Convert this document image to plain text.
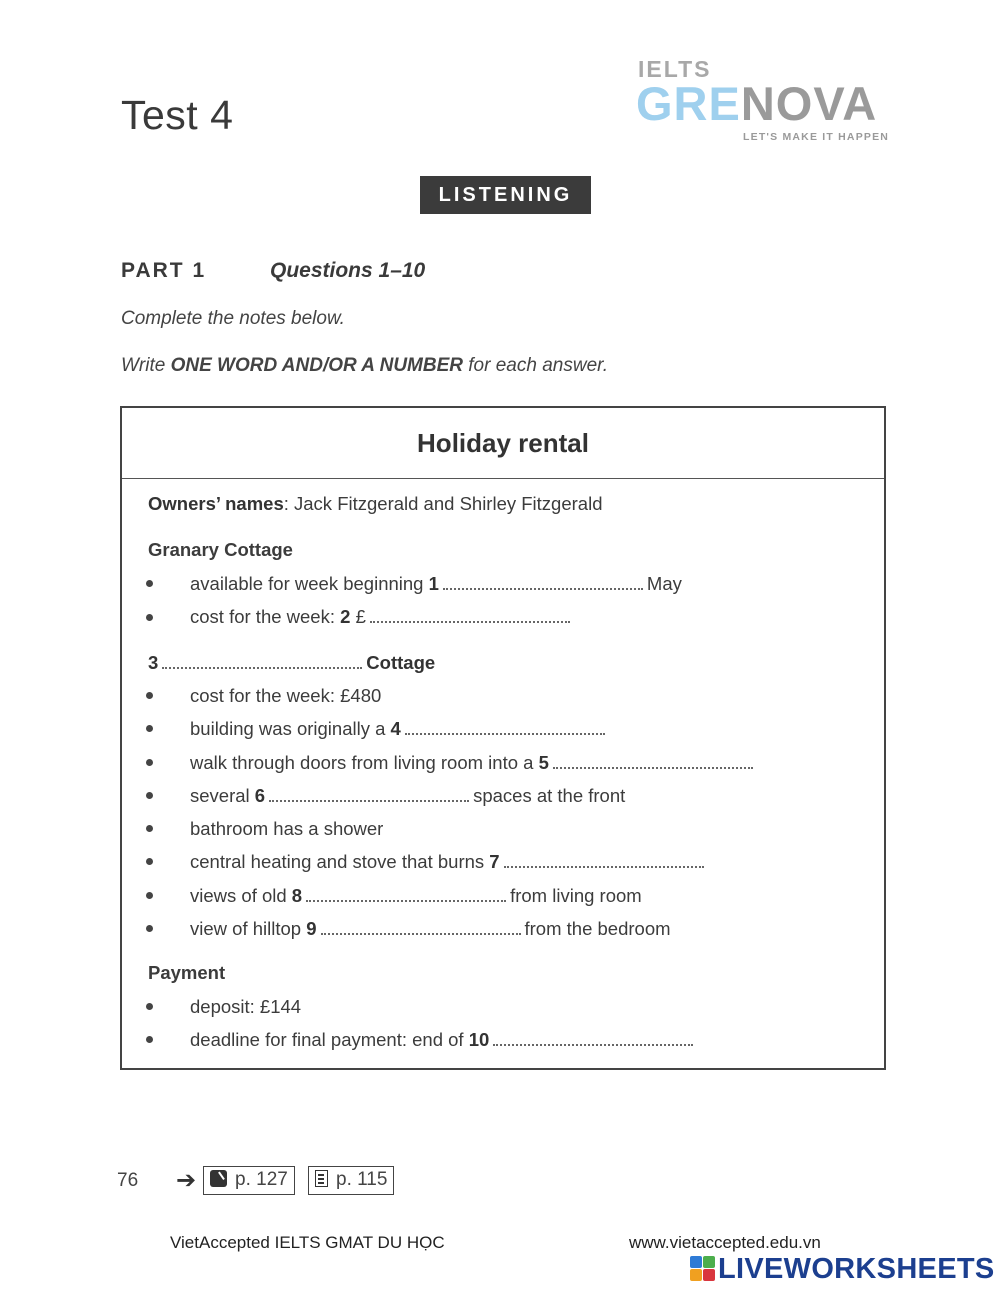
Test 4
IELTS
GRENOVA
LET'S MAKE IT HAPPEN
LISTENING
PART 1	Questions 1–10
Complete the notes below.
Write ONE WORD AND/OR A NUMBER for each answer.
Holiday rental
Owners’ names: Jack Fitzgerald and Shirley Fitzgerald
Granary Cottage
available for week beginning 1	May
cost for the week: 2 £
3	Cottage
cost for the week: £480
building was originally a 4
walk through doors from living room into a 5
several 6	spaces at the front
bathroom has a shower
central heating and stove that burns 7
views of old 8	from living room
view of hilltop 9	from the bedroom
Payment
deposit: £144
deadline for final payment: end of 10
76 ➔	p. 127	p. 115
VietAccepted IELTS GMAT DU HỌC	www.vietaccepted.edu.vn
LIVEWORKSHEETS
